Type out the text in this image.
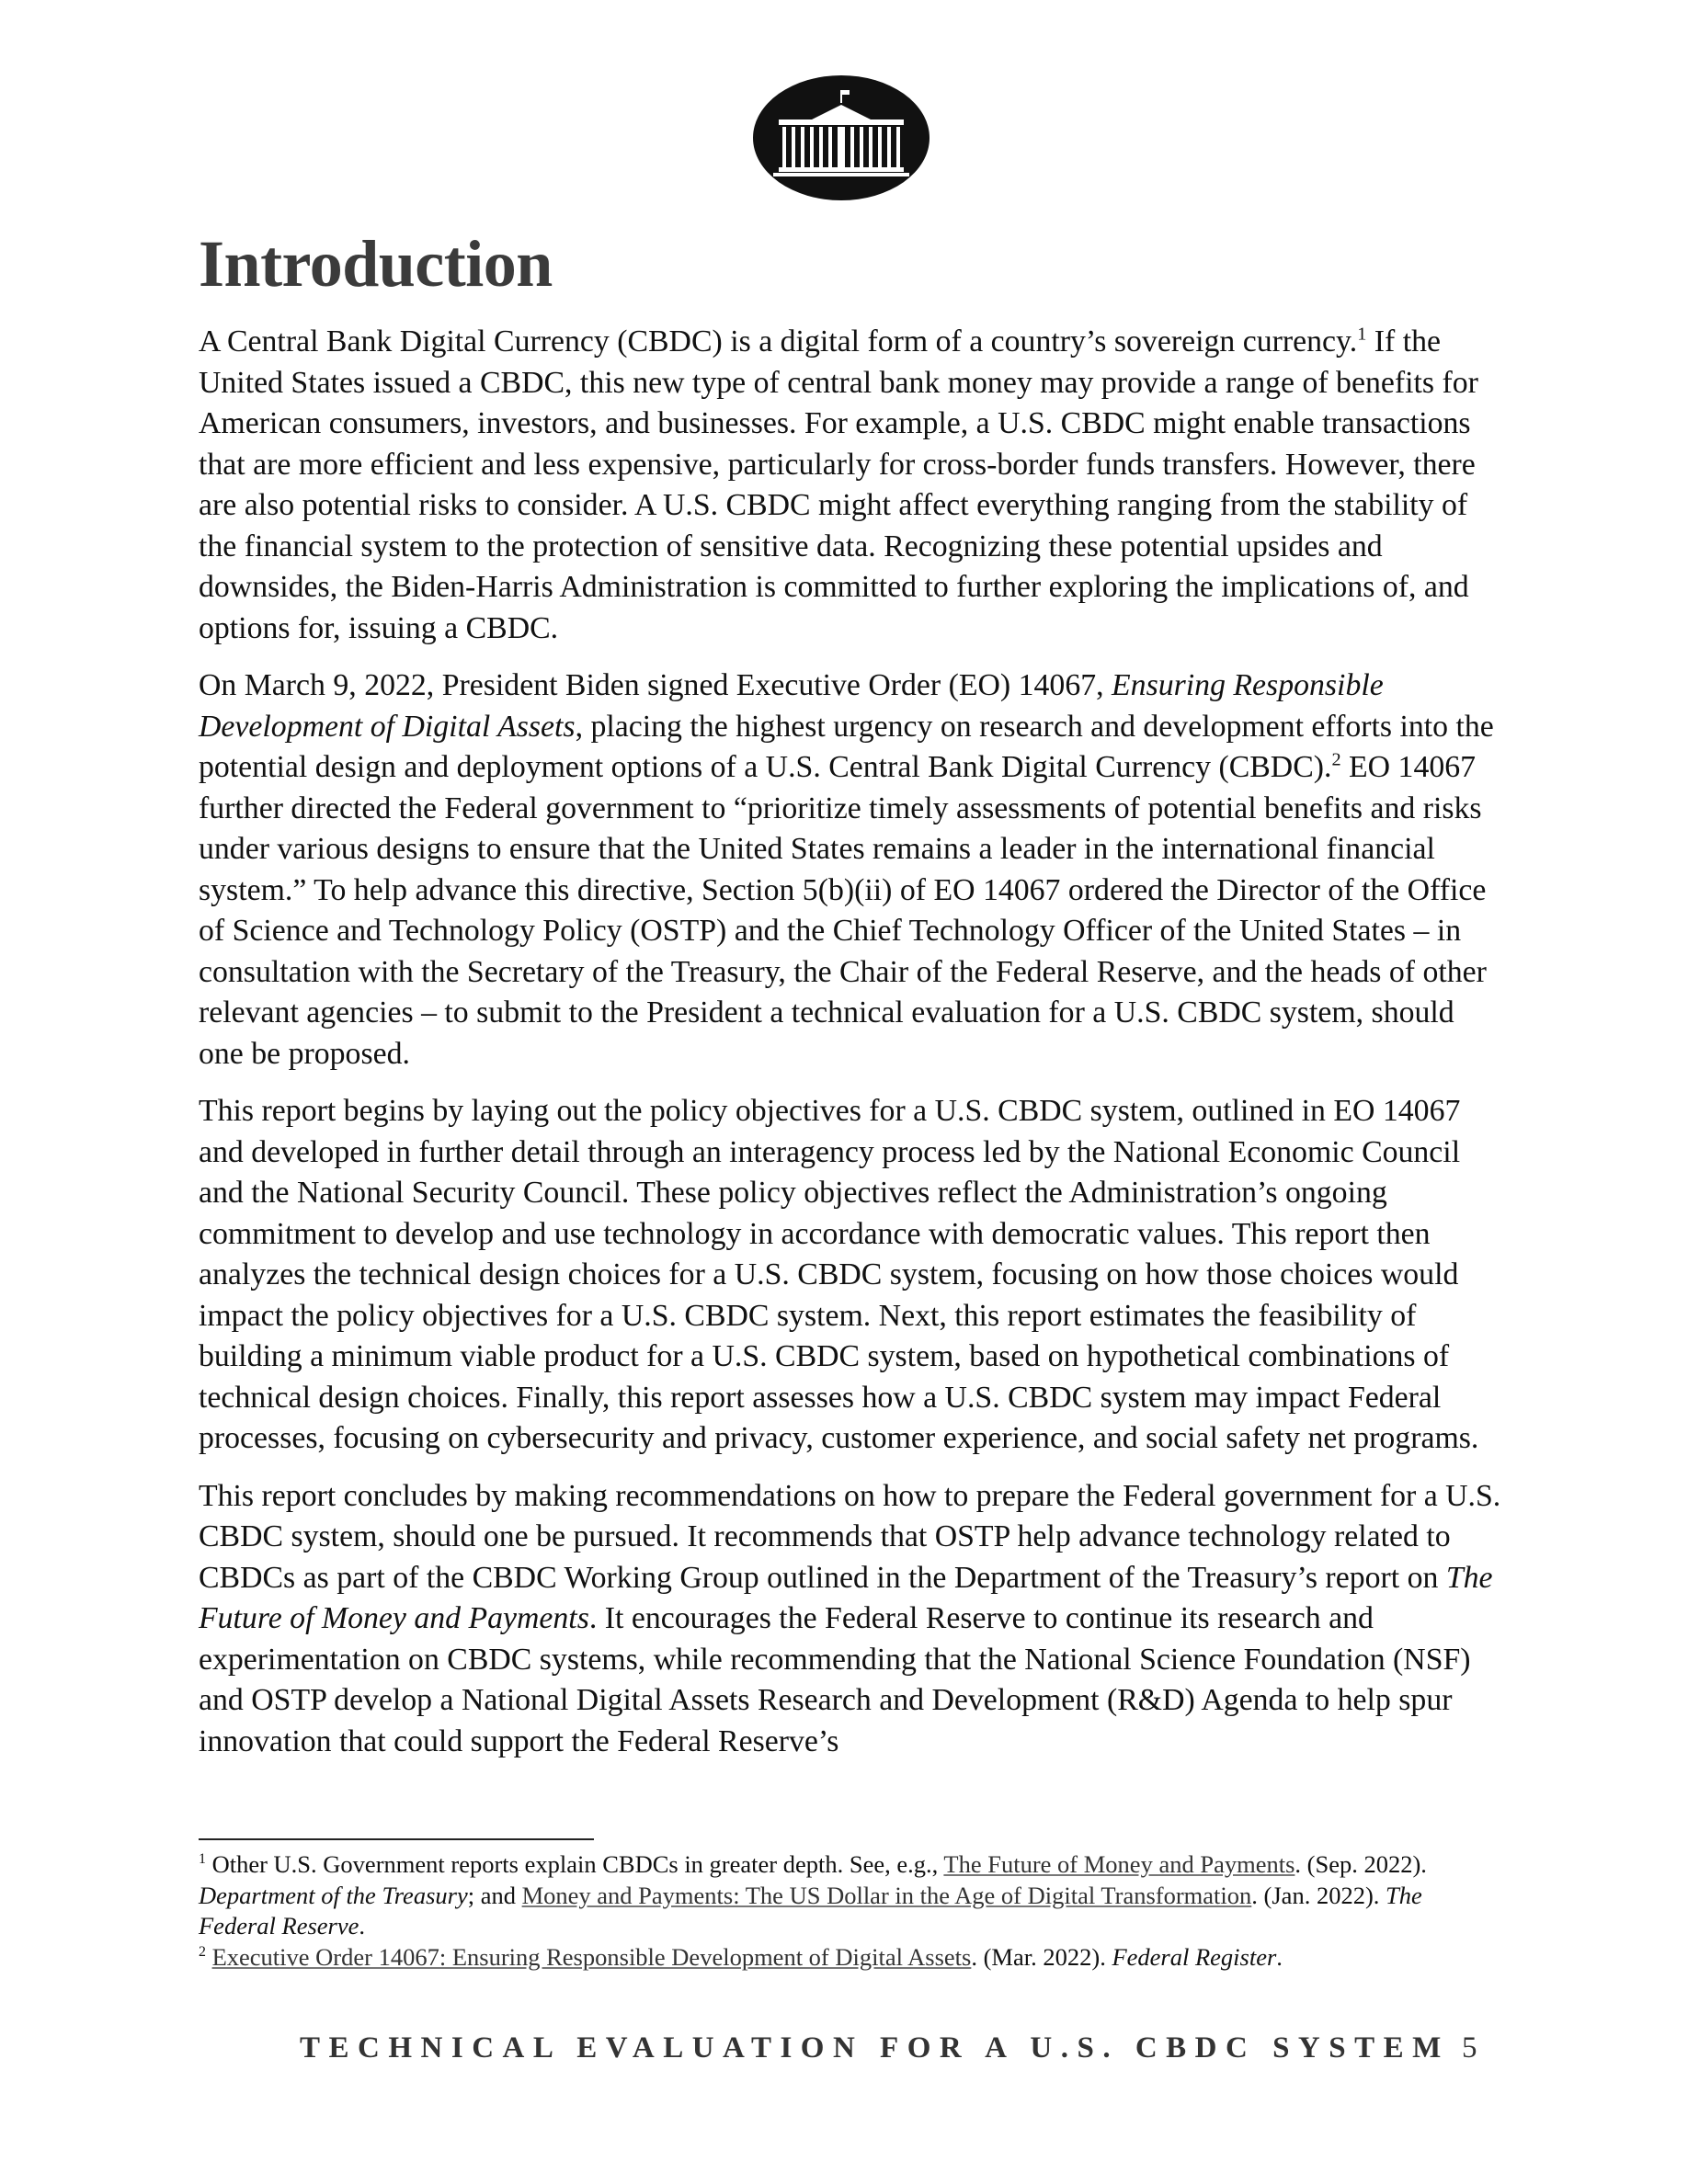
Introduction

A Central Bank Digital Currency (CBDC) is a digital form of a country’s sovereign currency.$^1$ If the United States issued a CBDC, this new type of central bank money may provide a range of benefits for American consumers, investors, and businesses. For example, a U.S. CBDC might enable transactions that are more efficient and less expensive, particularly for cross-border funds transfers. However, there are also potential risks to consider. A U.S. CBDC might affect everything ranging from the stability of the financial system to the protection of sensitive data. Recognizing these potential upsides and downsides, the Biden-Harris Administration is committed to further exploring the implications of, and options for, issuing a CBDC.

On March 9, 2022, President Biden signed Executive Order (EO) 14067, Ensuring Responsible Development of Digital Assets, placing the highest urgency on research and development efforts into the potential design and deployment options of a U.S. Central Bank Digital Currency (CBDC).$^2$ EO 14067 further directed the Federal government to “prioritize timely assessments of potential benefits and risks under various designs to ensure that the United States remains a leader in the international financial system.” To help advance this directive, Section 5(b)(ii) of EO 14067 ordered the Director of the Office of Science and Technology Policy (OSTP) and the Chief Technology Officer of the United States – in consultation with the Secretary of the Treasury, the Chair of the Federal Reserve, and the heads of other relevant agencies – to submit to the President a technical evaluation for a U.S. CBDC system, should one be proposed.

This report begins by laying out the policy objectives for a U.S. CBDC system, outlined in EO 14067 and developed in further detail through an interagency process led by the National Economic Council and the National Security Council. These policy objectives reflect the Administration’s ongoing commitment to develop and use technology in accordance with democratic values. This report then analyzes the technical design choices for a U.S. CBDC system, focusing on how those choices would impact the policy objectives for a U.S. CBDC system. Next, this report estimates the feasibility of building a minimum viable product for a U.S. CBDC system, based on hypothetical combinations of technical design choices. Finally, this report assesses how a U.S. CBDC system may impact Federal processes, focusing on cybersecurity and privacy, customer experience, and social safety net programs.

This report concludes by making recommendations on how to prepare the Federal government for a U.S. CBDC system, should one be pursued. It recommends that OSTP help advance technology related to CBDCs as part of the CBDC Working Group outlined in the Department of the Treasury’s report on The Future of Money and Payments. It encourages the Federal Reserve to continue its research and experimentation on CBDC systems, while recommending that the National Science Foundation (NSF) and OSTP develop a National Digital Assets Research and Development (R&D) Agenda to help spur innovation that could support the Federal Reserve’s

$^1$ Other U.S. Government reports explain CBDCs in greater depth. See, e.g., The Future of Money and Payments. (Sep. 2022). Department of the Treasury; and Money and Payments: The US Dollar in the Age of Digital Transformation. (Jan. 2022). The Federal Reserve.

$^2$ Executive Order 14067: Ensuring Responsible Development of Digital Assets. (Mar. 2022). Federal Register.

TECHNICAL EVALUATION FOR A U.S. CBDC SYSTEM 5
